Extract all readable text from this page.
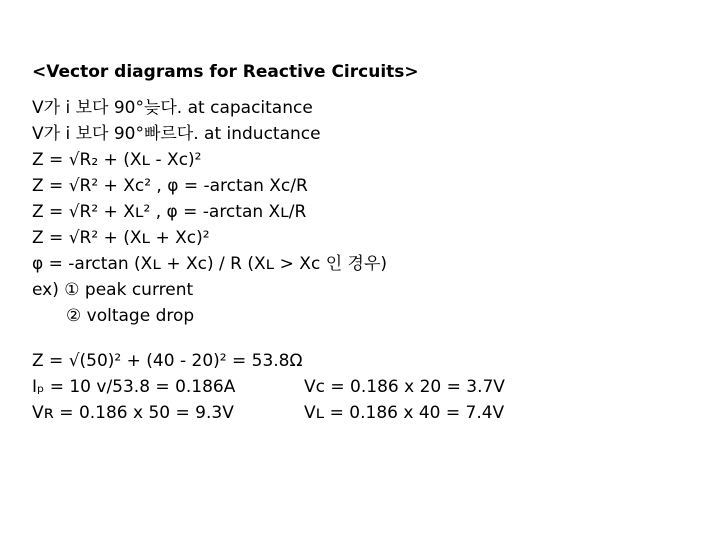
<Vector diagrams for Reactive Circuits>
V가 i 보다 90°늦다. at capacitance
V가 i 보다 90°빠르다. at inductance
Z = √R₂ + (Xʟ - Xc)²
Z = √R² + Xc² , φ = -arctan Xc/R
Z = √R² + Xʟ² , φ = -arctan Xʟ/R
Z = √R² + (Xʟ + Xc)²
φ = -arctan (Xʟ + Xc) / R (Xʟ > Xc 인 경우)
ex) ① peak current
② voltage drop
Z = √(50)² + (40 - 20)² = 53.8Ω
Iₚ = 10 v/53.8 = 0.186A	Vc = 0.186 x 20 = 3.7V
Vʀ = 0.186 x 50 = 9.3V	Vʟ = 0.186 x 40 = 7.4V
